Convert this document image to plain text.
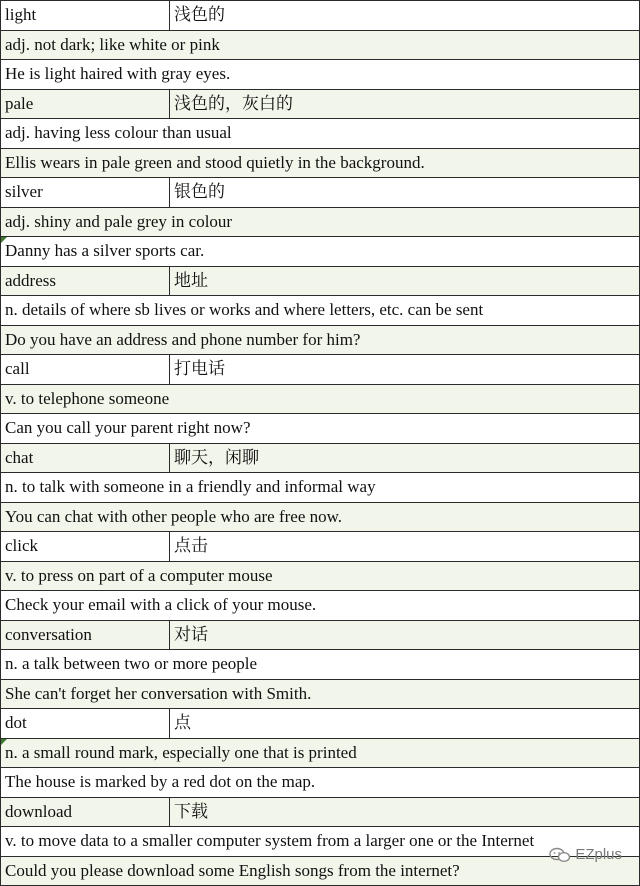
light	浅色的
adj. not dark; like white or pink	
He is light haired with gray eyes.	
pale	浅色的，灰白的
adj. having less colour than usual	
Ellis wears in pale green and stood quietly in the background.	
silver	银色的
adj. shiny and pale grey in colour	
Danny has a silver sports car.	
address	地址
n. details of where sb lives or works and where letters, etc. can be sent	
Do you have an address and phone number for him?	
call	打电话
v. to telephone someone	
Can you call your parent right now?	
chat	聊天，闲聊
n. to talk with someone in a friendly and informal way	
You can chat with other people who are free now.	
click	点击
v. to press on part of a computer mouse	
Check your email with a click of your mouse.	
conversation	对话
n. a talk between two or more people	
She can't forget her conversation with Smith.	
dot	点
n. a small round mark, especially one that is printed	
The house is marked by a red dot on the map.	
download	下载
v. to move data to a smaller computer system from a larger one or the Internet	
Could you please download some English songs from the internet?	
EZplus
